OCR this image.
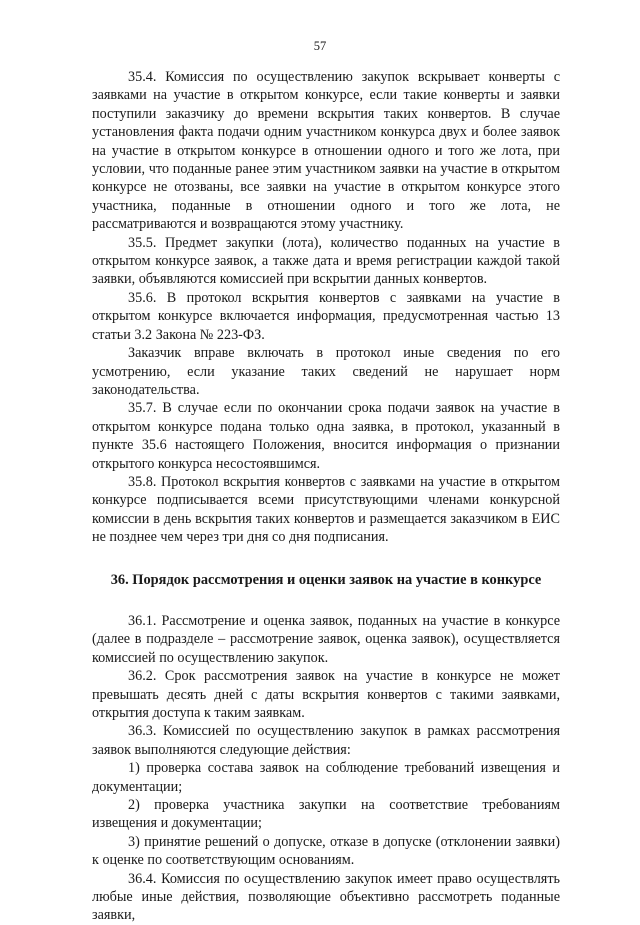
57

35.4. Комиссия по осуществлению закупок вскрывает конверты с заявками на участие в открытом конкурсе, если такие конверты и заявки поступили заказчику до времени вскрытия таких конвертов. В случае установления факта подачи одним участником конкурса двух и более заявок на участие в открытом конкурсе в отношении одного и того же лота, при условии, что поданные ранее этим участником заявки на участие в открытом конкурсе не отозваны, все заявки на участие в открытом конкурсе этого участника, поданные в отношении одного и того же лота, не рассматриваются и возвращаются этому участнику.

35.5. Предмет закупки (лота), количество поданных на участие в открытом конкурсе заявок, а также дата и время регистрации каждой такой заявки, объявляются комиссией при вскрытии данных конвертов.

35.6. В протокол вскрытия конвертов с заявками на участие в открытом конкурсе включается информация, предусмотренная частью 13 статьи 3.2 Закона № 223-ФЗ.

Заказчик вправе включать в протокол иные сведения по его усмотрению, если указание таких сведений не нарушает норм законодательства.

35.7. В случае если по окончании срока подачи заявок на участие в открытом конкурсе подана только одна заявка, в протокол, указанный в пункте 35.6 настоящего Положения, вносится информация о признании открытого конкурса несостоявшимся.

35.8. Протокол вскрытия конвертов с заявками на участие в открытом конкурсе подписывается всеми присутствующими членами конкурсной комиссии в день вскрытия таких конвертов и размещается заказчиком в ЕИС не позднее чем через три дня со дня подписания.

36. Порядок рассмотрения и оценки заявок на участие в конкурсе

36.1. Рассмотрение и оценка заявок, поданных на участие в конкурсе (далее в подразделе – рассмотрение заявок, оценка заявок), осуществляется комиссией по осуществлению закупок.

36.2. Срок рассмотрения заявок на участие в конкурсе не может превышать десять дней с даты вскрытия конвертов с такими заявками, открытия доступа к таким заявкам.

36.3. Комиссией по осуществлению закупок в рамках рассмотрения заявок выполняются следующие действия:

1) проверка состава заявок на соблюдение требований извещения и документации;

2) проверка участника закупки на соответствие требованиям извещения и документации;

3) принятие решений о допуске, отказе в допуске (отклонении заявки) к оценке по соответствующим основаниям.

36.4. Комиссия по осуществлению закупок имеет право осуществлять любые иные действия, позволяющие объективно рассмотреть поданные заявки,
